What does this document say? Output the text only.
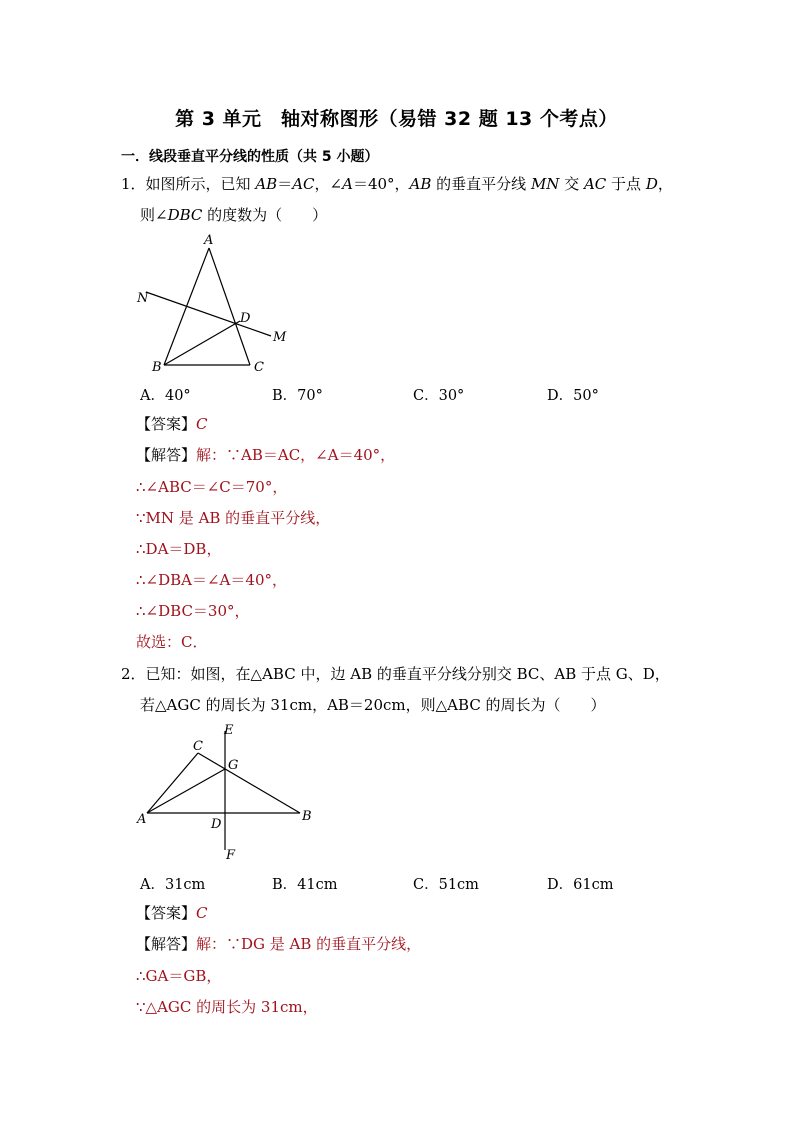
第 3 单元　轴对称图形（易错 32 题 13 个考点）
一．线段垂直平分线的性质（共 5 小题）
1．如图所示，已知 AB＝AC，∠A＝40°，AB 的垂直平分线 MN 交 AC 于点 D，
则∠DBC 的度数为（　　）
A
N
D
M
B	C
A．40°	B．70°	C．30°	D．50°
【答案】C
【解答】解：∵AB＝AC，∠A＝40°，
∴∠ABC＝∠C＝70°，
∵MN 是 AB 的垂直平分线，
∴DA＝DB，
∴∠DBA＝∠A＝40°，
∴∠DBC＝30°，
故选：C．
2．已知：如图，在△ABC 中，边 AB 的垂直平分线分别交 BC、AB 于点 G、D，
若△AGC 的周长为 31cm，AB＝20cm，则△ABC 的周长为（　　）
E
C
G
A	D
B
F
A．31cm	B．41cm	C．51cm	D．61cm
【答案】C
【解答】解：∵DG 是 AB 的垂直平分线，
∴GA＝GB，
∵△AGC 的周长为 31cm，
